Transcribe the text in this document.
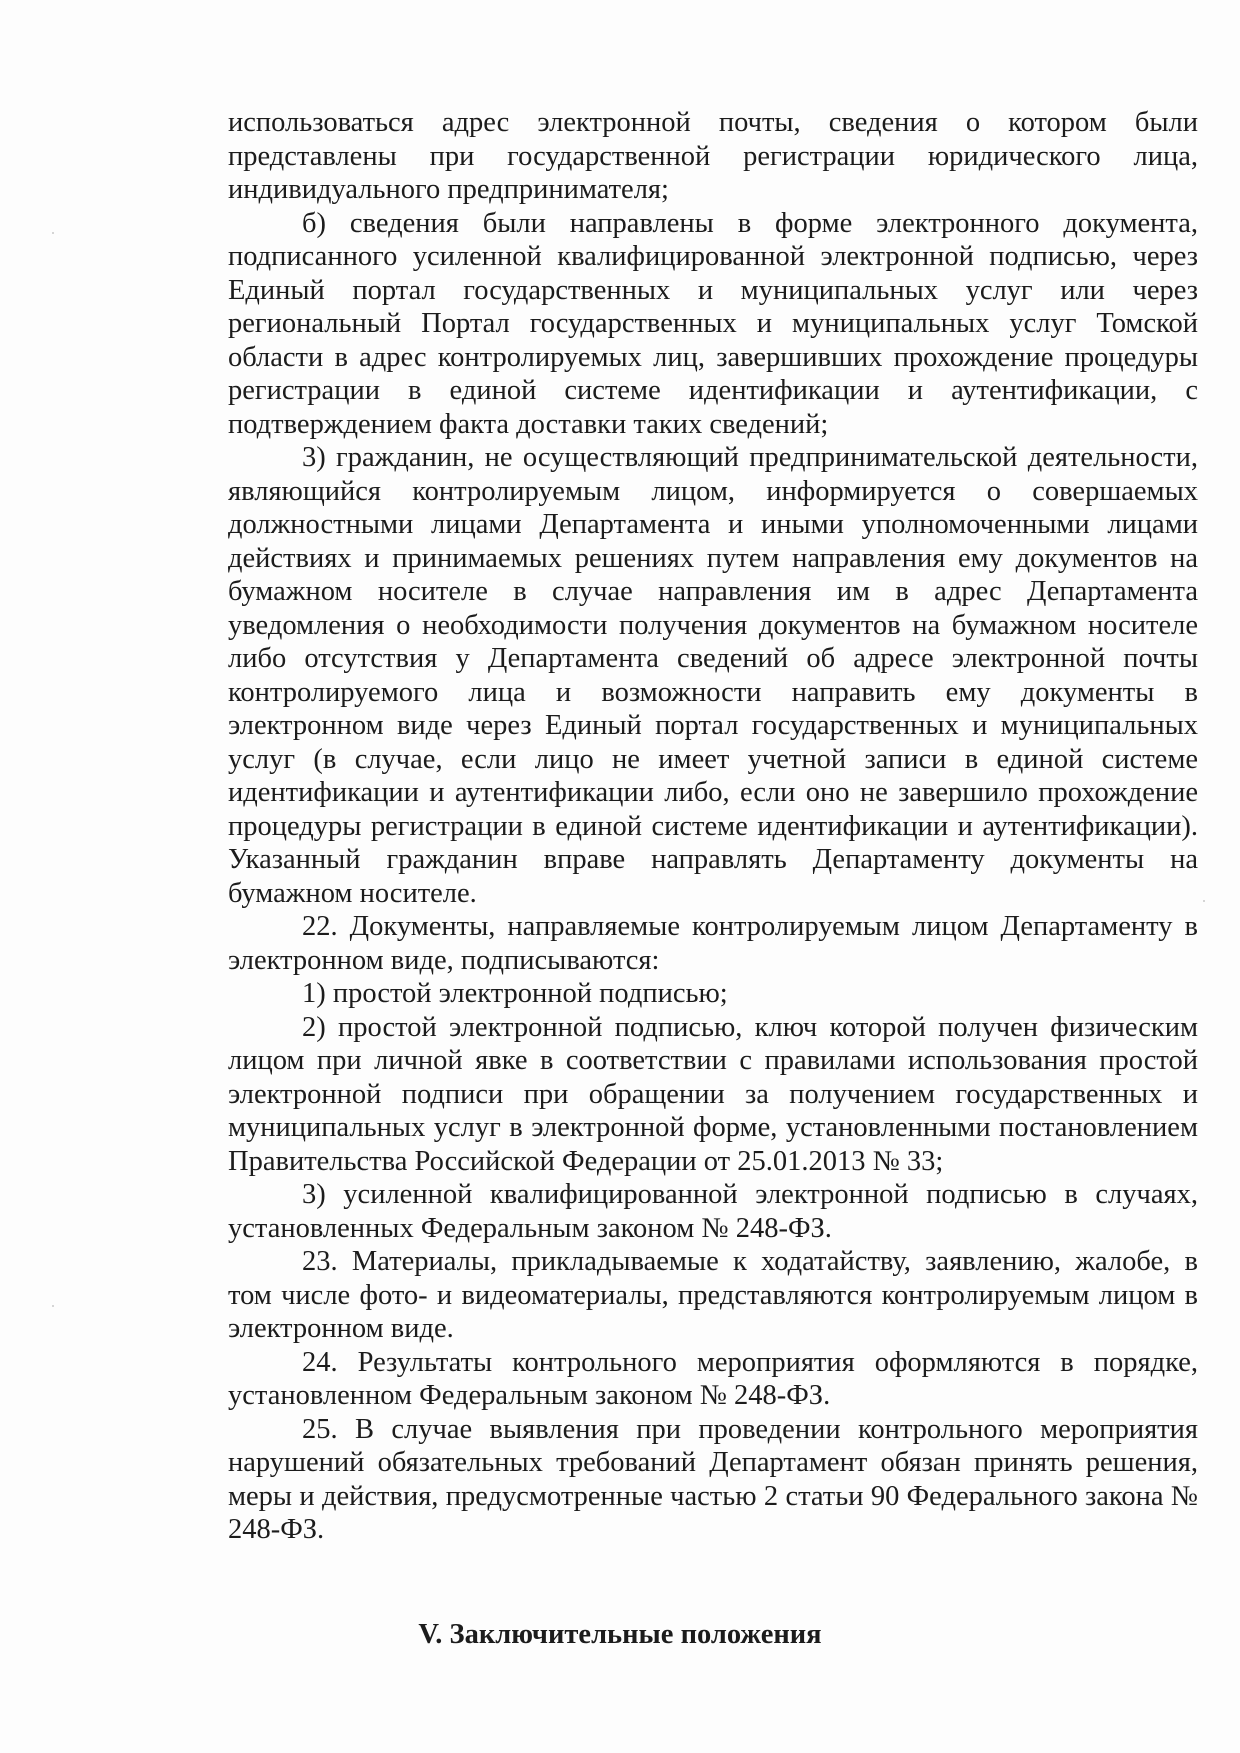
использоваться адрес электронной почты, сведения о котором были представлены при государственной регистрации юридического лица, индивидуального предпринимателя;

б) сведения были направлены в форме электронного документа, подписанного усиленной квалифицированной электронной подписью, через Единый портал государственных и муниципальных услуг или через региональный Портал государственных и муниципальных услуг Томской области в адрес контролируемых лиц, завершивших прохождение процедуры регистрации в единой системе идентификации и аутентификации, с подтверждением факта доставки таких сведений;

3) гражданин, не осуществляющий предпринимательской деятельности, являющийся контролируемым лицом, информируется о совершаемых должностными лицами Департамента и иными уполномоченными лицами действиях и принимаемых решениях путем направления ему документов на бумажном носителе в случае направления им в адрес Департамента уведомления о необходимости получения документов на бумажном носителе либо отсутствия у Департамента сведений об адресе электронной почты контролируемого лица и возможности направить ему документы в электронном виде через Единый портал государственных и муниципальных услуг (в случае, если лицо не имеет учетной записи в единой системе идентификации и аутентификации либо, если оно не завершило прохождение процедуры регистрации в единой системе идентификации и аутентификации). Указанный гражданин вправе направлять Департаменту документы на бумажном носителе.

22. Документы, направляемые контролируемым лицом Департаменту в электронном виде, подписываются:

1) простой электронной подписью;

2) простой электронной подписью, ключ которой получен физическим лицом при личной явке в соответствии с правилами использования простой электронной подписи при обращении за получением государственных и муниципальных услуг в электронной форме, установленными постановлением Правительства Российской Федерации от 25.01.2013 № 33;

3) усиленной квалифицированной электронной подписью в случаях, установленных Федеральным законом № 248-ФЗ.

23. Материалы, прикладываемые к ходатайству, заявлению, жалобе, в том числе фото- и видеоматериалы, представляются контролируемым лицом в электронном виде.

24. Результаты контрольного мероприятия оформляются в порядке, установленном Федеральным законом № 248-ФЗ.

25. В случае выявления при проведении контрольного мероприятия нарушений обязательных требований Департамент обязан принять решения, меры и действия, предусмотренные частью 2 статьи 90 Федерального закона № 248-ФЗ.

V. Заключительные положения
